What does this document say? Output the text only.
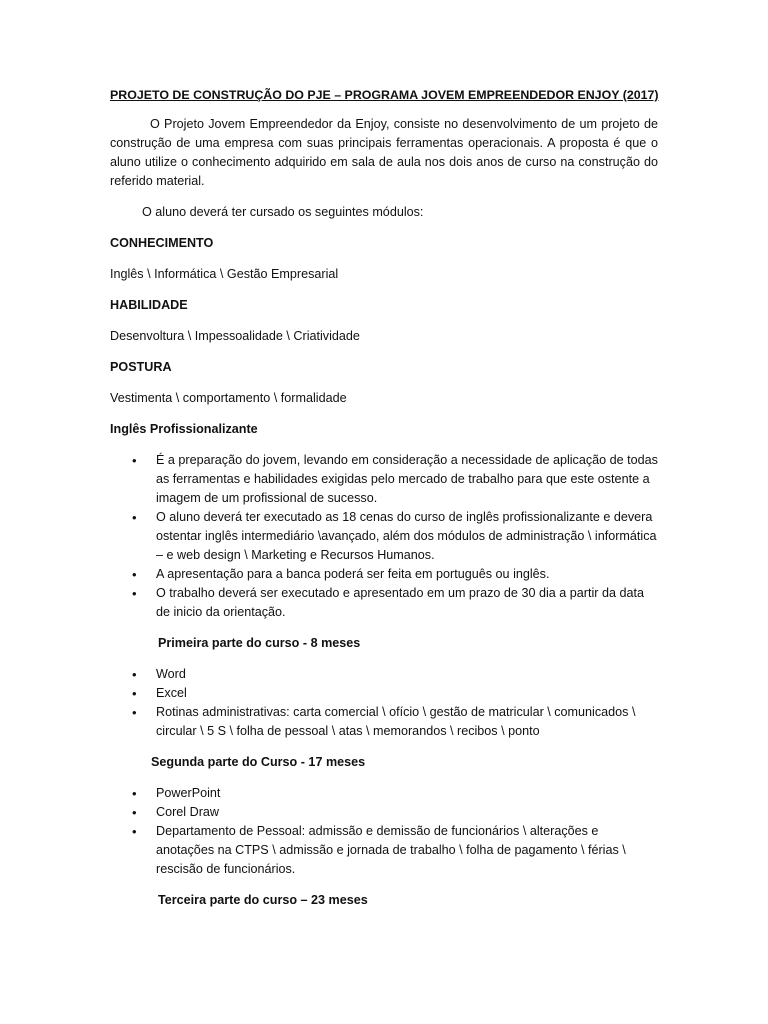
PROJETO DE CONSTRUÇÃO DO PJE – PROGRAMA JOVEM EMPREENDEDOR ENJOY (2017)

O Projeto Jovem Empreendedor da Enjoy, consiste no desenvolvimento de um projeto de construção de uma empresa com suas principais ferramentas operacionais. A proposta é que o aluno utilize o conhecimento adquirido em sala de aula nos dois anos de curso na construção do referido material.

O aluno deverá ter cursado os seguintes módulos:

CONHECIMENTO
Inglês \ Informática \ Gestão Empresarial
HABILIDADE
Desenvoltura \ Impessoalidade \ Criatividade
POSTURA
Vestimenta \ comportamento \ formalidade
Inglês Profissionalizante
• É a preparação do jovem, levando em consideração a necessidade de aplicação de todas as ferramentas e habilidades exigidas pelo mercado de trabalho para que este ostente a imagem de um profissional de sucesso.
• O aluno deverá ter executado as 18 cenas do curso de inglês profissionalizante e devera ostentar inglês intermediário \avançado, além dos módulos de administração \ informática – e web design \ Marketing e Recursos Humanos.
• A apresentação para a banca poderá ser feita em português ou inglês.
• O trabalho deverá ser executado e apresentado em um prazo de 30 dia a partir da data de inicio da orientação.
Primeira parte do curso - 8 meses
• Word
• Excel
• Rotinas administrativas: carta comercial \ ofício \ gestão de matricular \ comunicados \ circular \ 5 S \ folha de pessoal \ atas \ memorandos \ recibos \ ponto
Segunda parte do Curso - 17 meses
• PowerPoint
• Corel Draw
• Departamento de Pessoal: admissão e demissão de funcionários \ alterações e anotações na CTPS \ admissão e jornada de trabalho \ folha de pagamento \ férias \ rescisão de funcionários.
Terceira parte do curso – 23 meses
